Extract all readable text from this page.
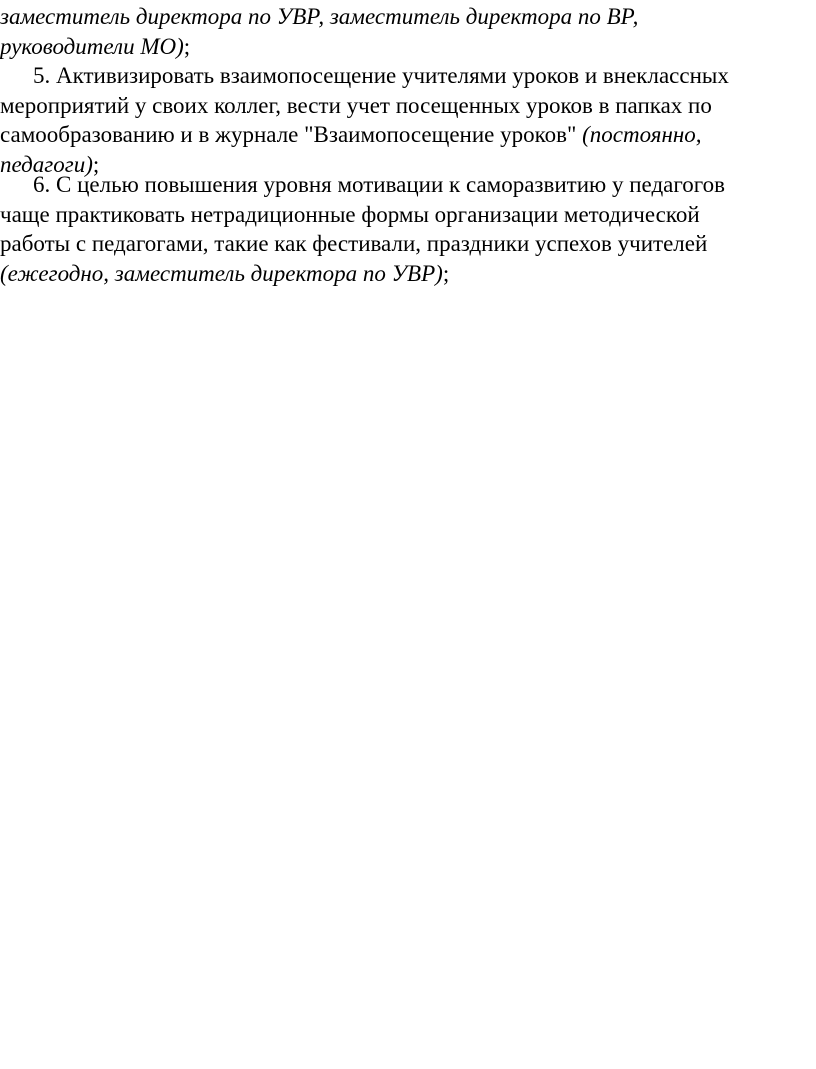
заместитель директора по УВР, заместитель директора по ВР,
руководители МО);
5. Активизировать взаимопосещение учителями уроков и внеклассных
мероприятий у своих коллег, вести учет посещенных уроков в папках по
самообразованию и в журнале "Взаимопосещение уроков" (постоянно,
педагоги);
6. С целью повышения уровня мотивации к саморазвитию у педагогов
чаще практиковать нетрадиционные формы организации методической
работы с педагогами, такие как фестивали, праздники успехов учителей
(ежегодно, заместитель директора по УВР);
